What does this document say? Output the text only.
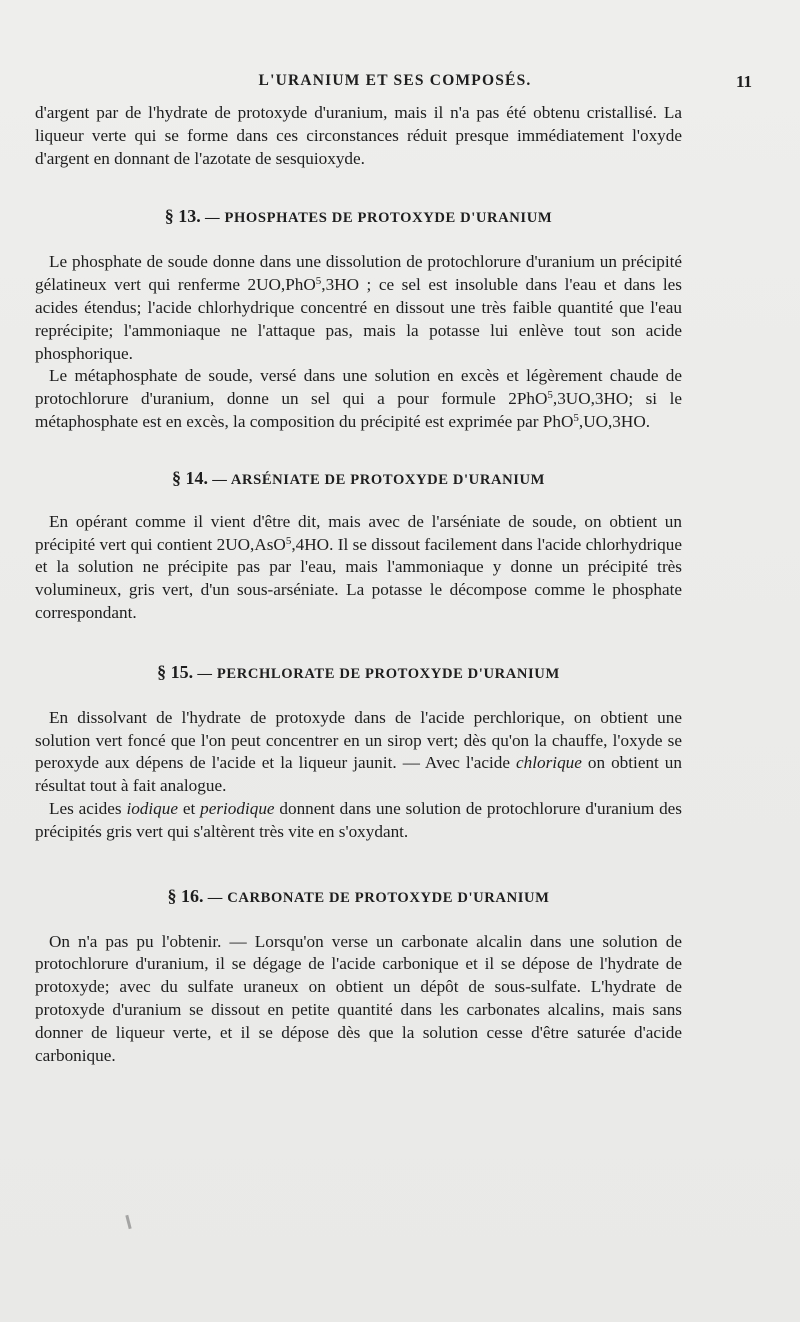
L'URANIUM ET SES COMPOSÉS.	11

d'argent par de l'hydrate de protoxyde d'uranium, mais il n'a pas été obtenu cristallisé. La liqueur verte qui se forme dans ces circonstances réduit presque immédiatement l'oxyde d'argent en donnant de l'azotate de sesquioxyde.

§ 13. — PHOSPHATES DE PROTOXYDE D'URANIUM

Le phosphate de soude donne dans une dissolution de protochlorure d'uranium un précipité gélatineux vert qui renferme 2UO,PhO$^5$,3HO ; ce sel est insoluble dans l'eau et dans les acides étendus; l'acide chlorhydrique concentré en dissout une très faible quantité que l'eau reprécipite; l'ammoniaque ne l'attaque pas, mais la potasse lui enlève tout son acide phosphorique.

Le métaphosphate de soude, versé dans une solution en excès et légèrement chaude de protochlorure d'uranium, donne un sel qui a pour formule 2PhO$^5$,3UO,3HO; si le métaphosphate est en excès, la composition du précipité est exprimée par PhO$^5$,UO,3HO.

§ 14. — ARSÉNIATE DE PROTOXYDE D'URANIUM

En opérant comme il vient d'être dit, mais avec de l'arséniate de soude, on obtient un précipité vert qui contient 2UO,AsO$^5$,4HO. Il se dissout facilement dans l'acide chlorhydrique et la solution ne précipite pas par l'eau, mais l'ammoniaque y donne un précipité très volumineux, gris vert, d'un sous-arséniate. La potasse le décompose comme le phosphate correspondant.

§ 15. — PERCHLORATE DE PROTOXYDE D'URANIUM

En dissolvant de l'hydrate de protoxyde dans de l'acide perchlorique, on obtient une solution vert foncé que l'on peut concentrer en un sirop vert; dès qu'on la chauffe, l'oxyde se peroxyde aux dépens de l'acide et la liqueur jaunit. — Avec l'acide chlorique on obtient un résultat tout à fait analogue.

Les acides iodique et periodique donnent dans une solution de protochlorure d'uranium des précipités gris vert qui s'altèrent très vite en s'oxydant.

§ 16. — CARBONATE DE PROTOXYDE D'URANIUM

On n'a pas pu l'obtenir. — Lorsqu'on verse un carbonate alcalin dans une solution de protochlorure d'uranium, il se dégage de l'acide carbonique et il se dépose de l'hydrate de protoxyde; avec du sulfate uraneux on obtient un dépôt de sous-sulfate. L'hydrate de protoxyde d'uranium se dissout en petite quantité dans les carbonates alcalins, mais sans donner de liqueur verte, et il se dépose dès que la solution cesse d'être saturée d'acide carbonique.
